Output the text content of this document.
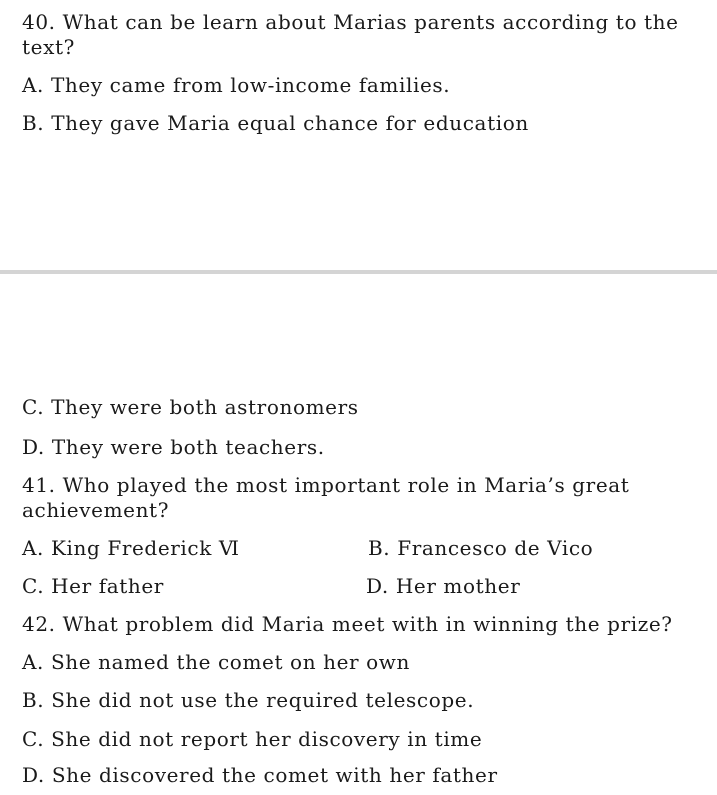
40. What can be learn about Marias parents according to the text?
A. They came from low-income families.
B. They gave Maria equal chance for education
C. They were both astronomers
D. They were both teachers.
41. Who played the most important role in Maria’s great achievement?
A. King Frederick Ⅵ	B. Francesco de Vico
C. Her father	D. Her mother
42. What problem did Maria meet with in winning the prize?
A. She named the comet on her own
B. She did not use the required telescope.
C. She did not report her discovery in time
D. She discovered the comet with her father
